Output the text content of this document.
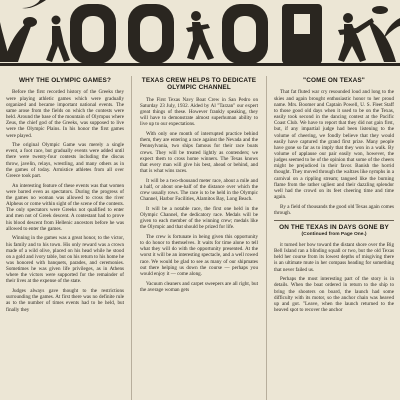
WHY THE OLYMPIC GAMES?

Before the first recorded history of the Greeks they were playing athletic games which were gradually organized and became important national events. The same arose from the fields on which the contests were held. Around the base of the mountain of Olympus where Zeus, the chief god of the Greeks, was supposed to live were the Olympic Plains. In his honor the first games were played.

The original Olympic Game was merely a single event, a foot race, but gradually events were added until there were twenty-four contests including the discus throw, javelin, relays, wrestling, and many others as in the games of today. Armistice athletes from all over Greece took part.

An interesting feature of these events was that women were barred even as spectators. During the progress of the games no woman was allowed to cross the river Alpheus or come within sight of the scene of the contests. The only spectators were Greeks not qualified to enter and men not of Greek descent. A contestant had to prove his blood descent from Hellenic ancestors before he was allowed to enter the games.

Winning in the games was a great honor, to the victor, his family and to his town. His only reward was a crown made of a wild olive, placed on his head while he stood on a gold and ivory table, but on his return to his home he was honored with banquets, parades, and ceremonies. Sometimes he was given life privileges, as in Athens where the victors were supported for the remainder of their lives at the expense of the state.

Judges always gave thought to the restrictions surrounding the games. At first there was no definite rule as to the number of times events had to be held, but finally they

TEXAS CREW HELPS TO DEDICATE OLYMPIC CHANNEL

The First Texas Navy Boat Crew in San Pedro on Saturday 23 July, 1932. Aided by Al "Tarzan" our expert great things of these. However frankly speaking, they will have to demonstrate almost superhuman ability to live up to our expectations.

With only one month of interrupted practice behind them, they are entering a race against the Nevada and the Pennsylvania, two ships famous for their race boats crews. They will be treated lightly as contenders; we expect them to cross home winners. The Texas knows that every man will give his best, ahead or behind, and that is what wins races.

It will be a two-thousand meter race, about a mile and a half, or about one-half of the distance over which the crew usually rows. The race is to be held in the Olympic Channel, Harbor Facilities, Alamitos Bay, Long Beach.

It will be a notable race, the first one held in the Olympic Channel, the dedicatory race. Medals will be given to each member of the winning crew; medals like the Olympic and that should be prized for life.

The crew is fortunate in being given this opportunity to do honor to themselves. It waits for time alone to tell what they will do with the opportunity presented. At the worst it will be an interesting spectacle, and a well rowed race. We would be glad to see as many of our shipmates out there helping us down the course — perhaps you would enjoy it — come along.

Vacuum cleaners and carpet sweepers are all right, but the average woman gets

"COME ON TEXAS"

That fat fluted war cry resounded loud and long to the skies and again brought enthusiastic honor to her proud name. Mrs. Boomer and Captain Powell, U. S. Fleet Staff to those good old days when it used to be on the Texas, easily took second in the dancing contest at the Pacific Coast Club. We have to report that they did not gain first, but, if any impartial judge had been listening to the volume of cheering, we fondly believe that they would easily have captured the grand first prize. Many people have gone so far as to imply that they won in a walk. By volume of applause our pair easily won, however, the judges seemed to be of the opinion that some of the cheers might be prejudiced in their favor. Banish the horrid thought. They moved through the waltzes like nymphs in a carnival on a rippling stream; tangoed like the burning flame from the rather ugliest and their dazzling splendor well had the crowd on its feet cheering time and time again.

By a field of thousands the good old Texas again comes through.

ON THE TEXAS IN DAYS GONE BY
(Continued from Page One.)

it turned her bow toward the distant shore over the Big Bell Island ran a blinding squall or two, but the old Texas held her course from its lowest depths of misgiving there is an ultimate mute in her compass heading for something that never failed us.

Perhaps the most interesting part of the story is in details. When the boat ordered in return to the ship to bring the shooters on board, the launch had some difficulty with its motor, so the anchor chain was heaved up and got. "Leave, when the launch returned to the heaved spot to recover the anchor
